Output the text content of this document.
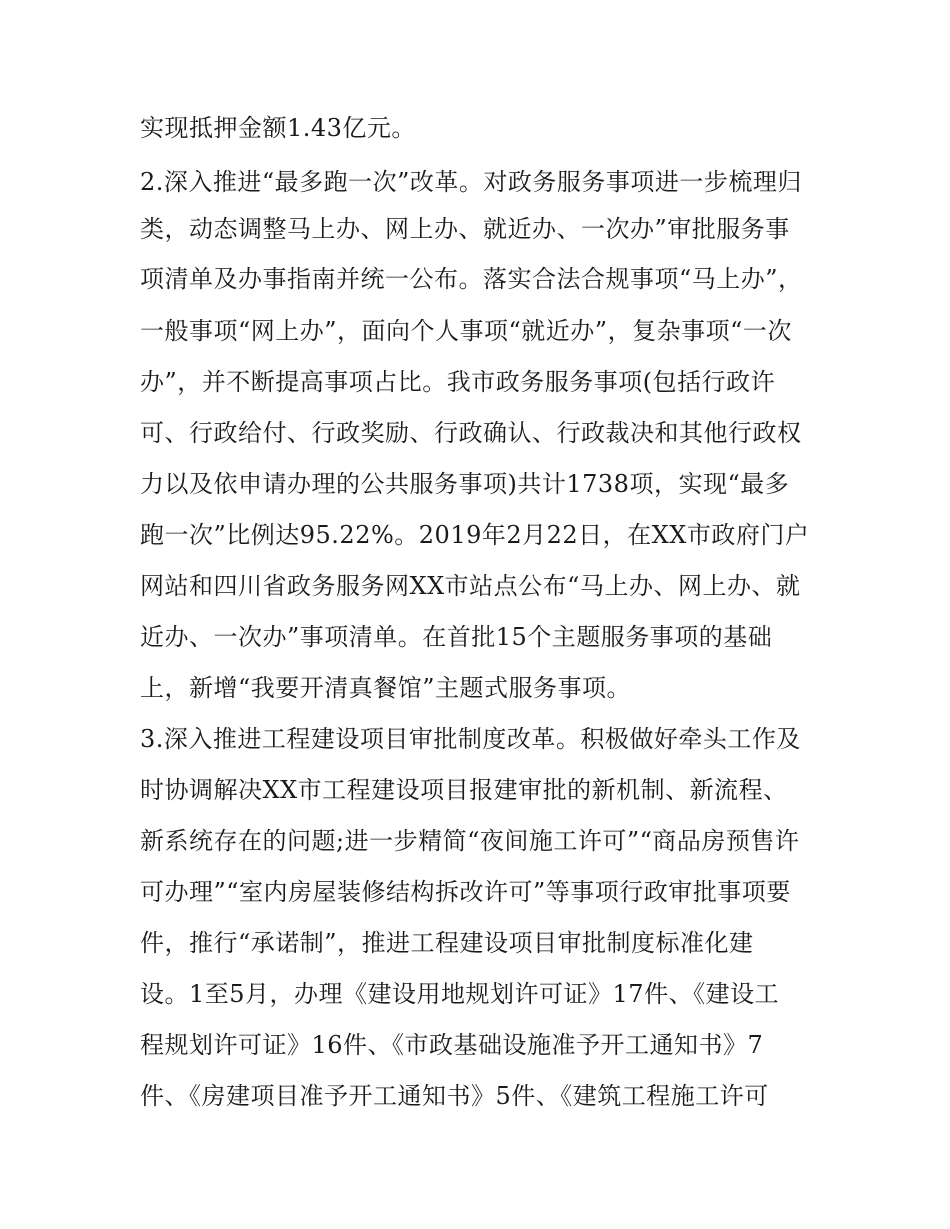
实现抵押金额1.43亿元。
2.深入推进“最多跑一次”改革。对政务服务事项进一步梳理归
类，动态调整马上办、网上办、就近办、一次办”审批服务事
项清单及办事指南并统一公布。落实合法合规事项“马上办”，
一般事项“网上办”，面向个人事项“就近办”，复杂事项“一次
办”，并不断提高事项占比。我市政务服务事项(包括行政许
可、行政给付、行政奖励、行政确认、行政裁决和其他行政权
力以及依申请办理的公共服务事项)共计1738项，实现“最多
跑一次”比例达95.22%。2019年2月22日，在XX市政府门户
网站和四川省政务服务网XX市站点公布“马上办、网上办、就
近办、一次办”事项清单。在首批15个主题服务事项的基础
上，新增“我要开清真餐馆”主题式服务事项。
3.深入推进工程建设项目审批制度改革。积极做好牵头工作及
时协调解决XX市工程建设项目报建审批的新机制、新流程、
新系统存在的问题;进一步精简“夜间施工许可”“商品房预售许
可办理”“室内房屋装修结构拆改许可”等事项行政审批事项要
件，推行“承诺制”，推进工程建设项目审批制度标准化建
设。1至5月，办理《建设用地规划许可证》17件、《建设工
程规划许可证》16件、《市政基础设施准予开工通知书》7
件、《房建项目准予开工通知书》5件、《建筑工程施工许可
